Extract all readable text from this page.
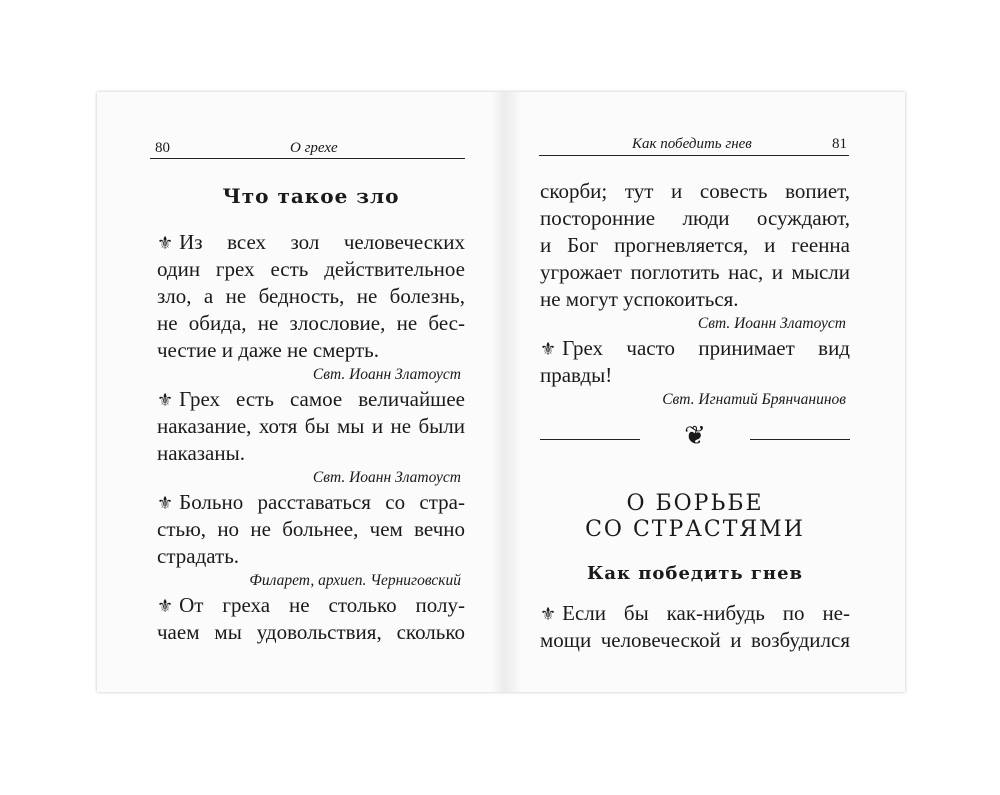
80	О грехе
Что такое зло
⚜ Из всех зол человеческих
один грех есть действительное
зло, а не бедность, не болезнь,
не обида, не злословие, не бес-
честие и даже не смерть.
Свт. Иоанн Златоуст
⚜ Грех есть самое величайшее
наказание, хотя бы мы и не были
наказаны.
Свт. Иоанн Златоуст
⚜ Больно расставаться со стра-
стью, но не больнее, чем вечно
страдать.
Филарет, архиеп. Черниговский
⚜ От греха не столько полу-
чаем мы удовольствия, сколько
Как победить гнев	81
скорби; тут и совесть вопиет,
посторонние люди осуждают,
и Бог прогневляется, и геенна
угрожает поглотить нас, и мысли
не могут успокоиться.
Свт. Иоанн Златоуст
⚜ Грех часто принимает вид
правды!
Свт. Игнатий Брянчанинов
❦
О БОРЬБЕ
СО СТРАСТЯМИ
Как победить гнев
⚜ Если бы как-нибудь по не-
мощи человеческой и возбудился
